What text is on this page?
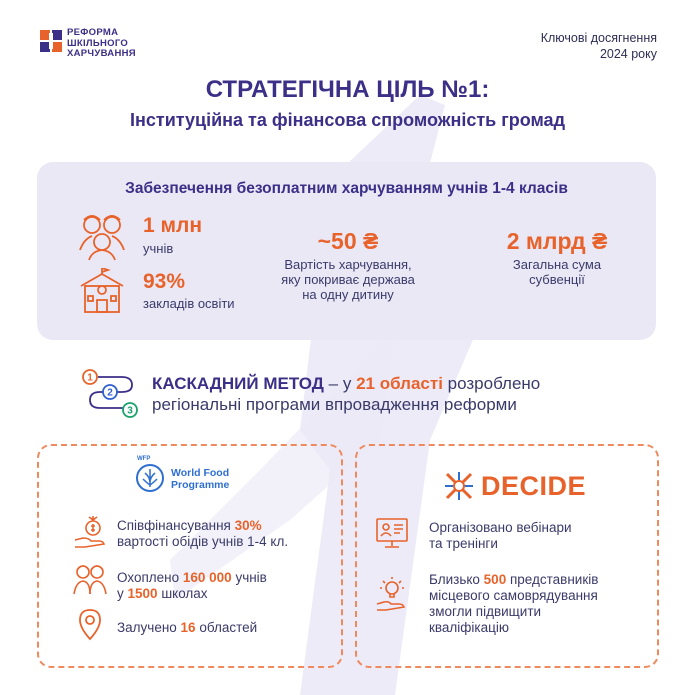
РЕФОРМА
ШКІЛЬНОГО
ХАРЧУВАННЯ
Ключові досягнення
2024 року
СТРАТЕГІЧНА ЦІЛЬ №1:
Інституційна та фінансова спроможність громад
Забезпечення безоплатним харчуванням учнів 1-4 класів
1 млн
учнів
93%
закладів освіти
~50 ₴
Вартість харчування,
яку покриває держава
на одну дитину
2 млрд ₴
Загальна сума
субвенції
1
2
3
КАСКАДНИЙ МЕТОД – у 21 області розроблено
регіональні програми впровадження реформи
WFP
World Food
Programme
Співфінансування 30%
вартості обідів учнів 1-4 кл.
Охоплено 160 000 учнів
у 1500 школах
Залучено 16 областей
DECIDE
Організовано вебінари
та тренінги
Близько 500 представників
місцевого самоврядування
змогли підвищити
кваліфікацію
